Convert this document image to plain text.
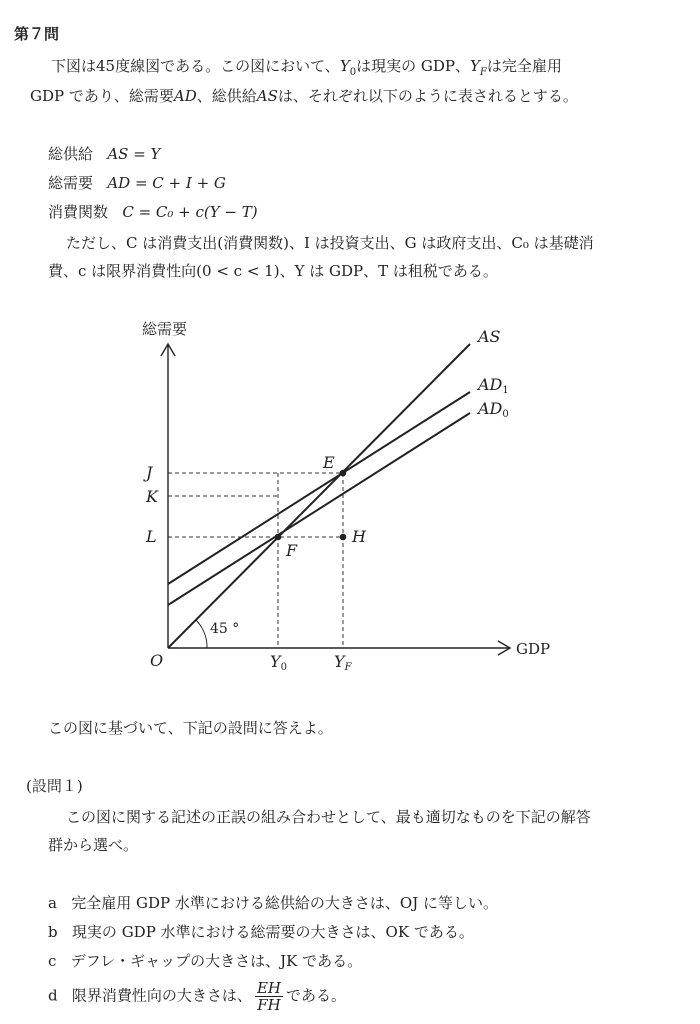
第７問
下図は45度線図である。この図において、$Y_0$は現実の GDP、$Y_F$は完全雇用
GDP であり、総需要AD、総供給ASは、それぞれ以下のように表されるとする。
総供給 AS = Y
総需要 AD = C + I + G
消費関数 C = C₀ + c(Y − T)
ただし、C は消費支出(消費関数)、I は投資支出、G は政府支出、C₀ は基礎消
費、c は限界消費性向(0 < c < 1)、Y は GDP、T は租税である。
総需要
GDP
O
AS
AD1
AD0
45 °
J
K
L
E
F
H
Y0	YF
この図に基づいて、下記の設問に答えよ。
(設問１)
この図に関する記述の正誤の組み合わせとして、最も適切なものを下記の解答
群から選べ。
a 完全雇用 GDP 水準における総供給の大きさは、OJ に等しい。
b 現実の GDP 水準における総需要の大きさは、OK である。
c デフレ・ギャップの大きさは、JK である。
d 限界消費性向の大きさは、 $\frac{EH}{FH}$ である。
